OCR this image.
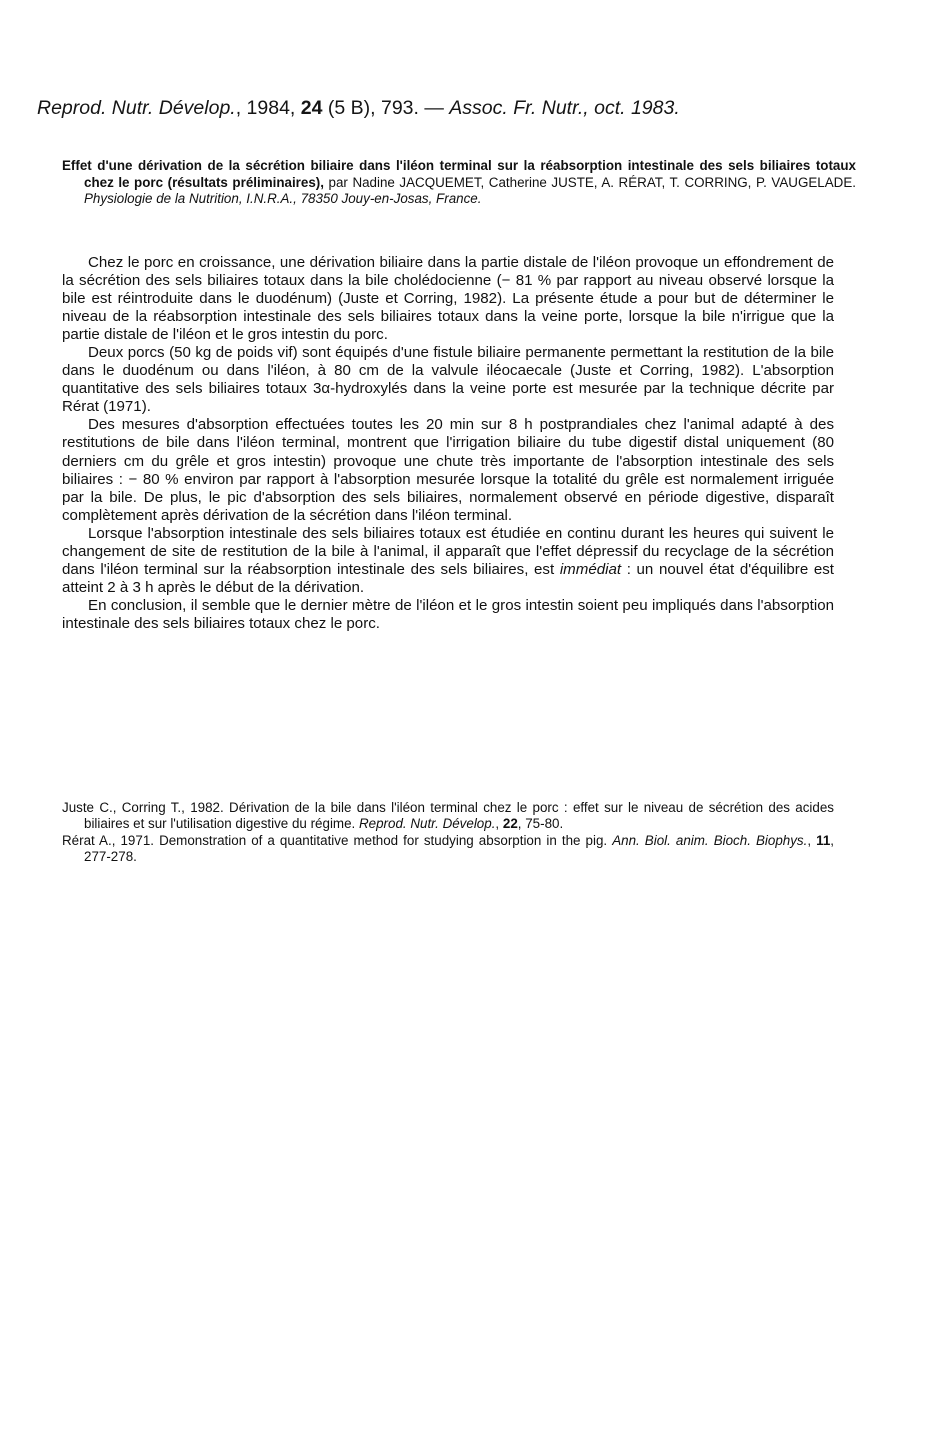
Reprod. Nutr. Dévelop., 1984, 24 (5 B), 793. — Assoc. Fr. Nutr., oct. 1983.
Effet d'une dérivation de la sécrétion biliaire dans l'iléon terminal sur la réabsorption intestinale des sels biliaires totaux chez le porc (résultats préliminaires), par Nadine JACQUEMET, Catherine JUSTE, A. RÉRAT, T. CORRING, P. VAUGELADE. Physiologie de la Nutrition, I.N.R.A., 78350 Jouy-en-Josas, France.

Chez le porc en croissance, une dérivation biliaire dans la partie distale de l'iléon provoque un effondrement de la sécrétion des sels biliaires totaux dans la bile cholédocienne (− 81 % par rapport au niveau observé lorsque la bile est réintroduite dans le duodénum) (Juste et Corring, 1982). La présente étude a pour but de déterminer le niveau de la réabsorption intestinale des sels biliaires totaux dans la veine porte, lorsque la bile n'irrigue que la partie distale de l'iléon et le gros intestin du porc.

Deux porcs (50 kg de poids vif) sont équipés d'une fistule biliaire permanente permettant la restitution de la bile dans le duodénum ou dans l'iléon, à 80 cm de la valvule iléocaecale (Juste et Corring, 1982). L'absorption quantitative des sels biliaires totaux 3α-hydroxylés dans la veine porte est mesurée par la technique décrite par Rérat (1971).

Des mesures d'absorption effectuées toutes les 20 min sur 8 h postprandiales chez l'animal adapté à des restitutions de bile dans l'iléon terminal, montrent que l'irrigation biliaire du tube digestif distal uniquement (80 derniers cm du grêle et gros intestin) provoque une chute très importante de l'absorption intestinale des sels biliaires : − 80 % environ par rapport à l'absorption mesurée lorsque la totalité du grêle est normalement irriguée par la bile. De plus, le pic d'absorption des sels biliaires, normalement observé en période digestive, disparaît complètement après dérivation de la sécrétion dans l'iléon terminal.

Lorsque l'absorption intestinale des sels biliaires totaux est étudiée en continu durant les heures qui suivent le changement de site de restitution de la bile à l'animal, il apparaît que l'effet dépressif du recyclage de la sécrétion dans l'iléon terminal sur la réabsorption intestinale des sels biliaires, est immédiat : un nouvel état d'équilibre est atteint 2 à 3 h après le début de la dérivation.

En conclusion, il semble que le dernier mètre de l'iléon et le gros intestin soient peu impliqués dans l'absorption intestinale des sels biliaires totaux chez le porc.

Juste C., Corring T., 1982. Dérivation de la bile dans l'iléon terminal chez le porc : effet sur le niveau de sécrétion des acides biliaires et sur l'utilisation digestive du régime. Reprod. Nutr. Dévelop., 22, 75-80.

Rérat A., 1971. Demonstration of a quantitative method for studying absorption in the pig. Ann. Biol. anim. Bioch. Biophys., 11, 277-278.
